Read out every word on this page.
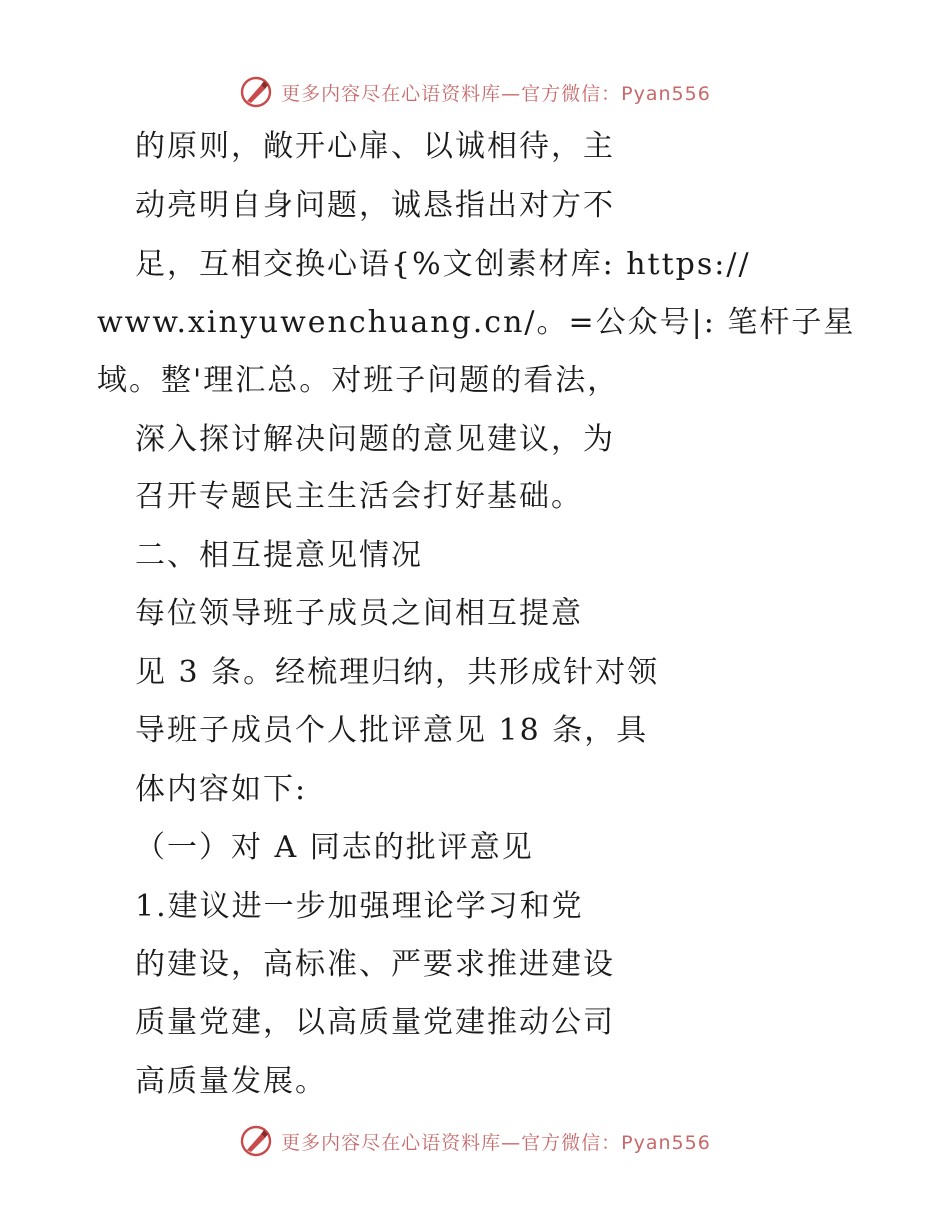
更多内容尽在心语资料库—官方微信：Pyan556
的原则，敞开心扉、以诚相待，主
动亮明自身问题，诚恳指出对方不
足，互相交换心语{%文创素材库: https://
www.xinyuwenchuang.cn/。=公众号|: 笔杆子星
域。整'理汇总。对班子问题的看法，
深入探讨解决问题的意见建议，为
召开专题民主生活会打好基础。
二、相互提意见情况
每位领导班子成员之间相互提意
见 3 条。经梳理归纳，共形成针对领
导班子成员个人批评意见 18 条，具
体内容如下:
（一）对 A 同志的批评意见
1.建议进一步加强理论学习和党
的建设，高标准、严要求推进建设
质量党建，以高质量党建推动公司
高质量发展。
更多内容尽在心语资料库—官方微信：Pyan556
